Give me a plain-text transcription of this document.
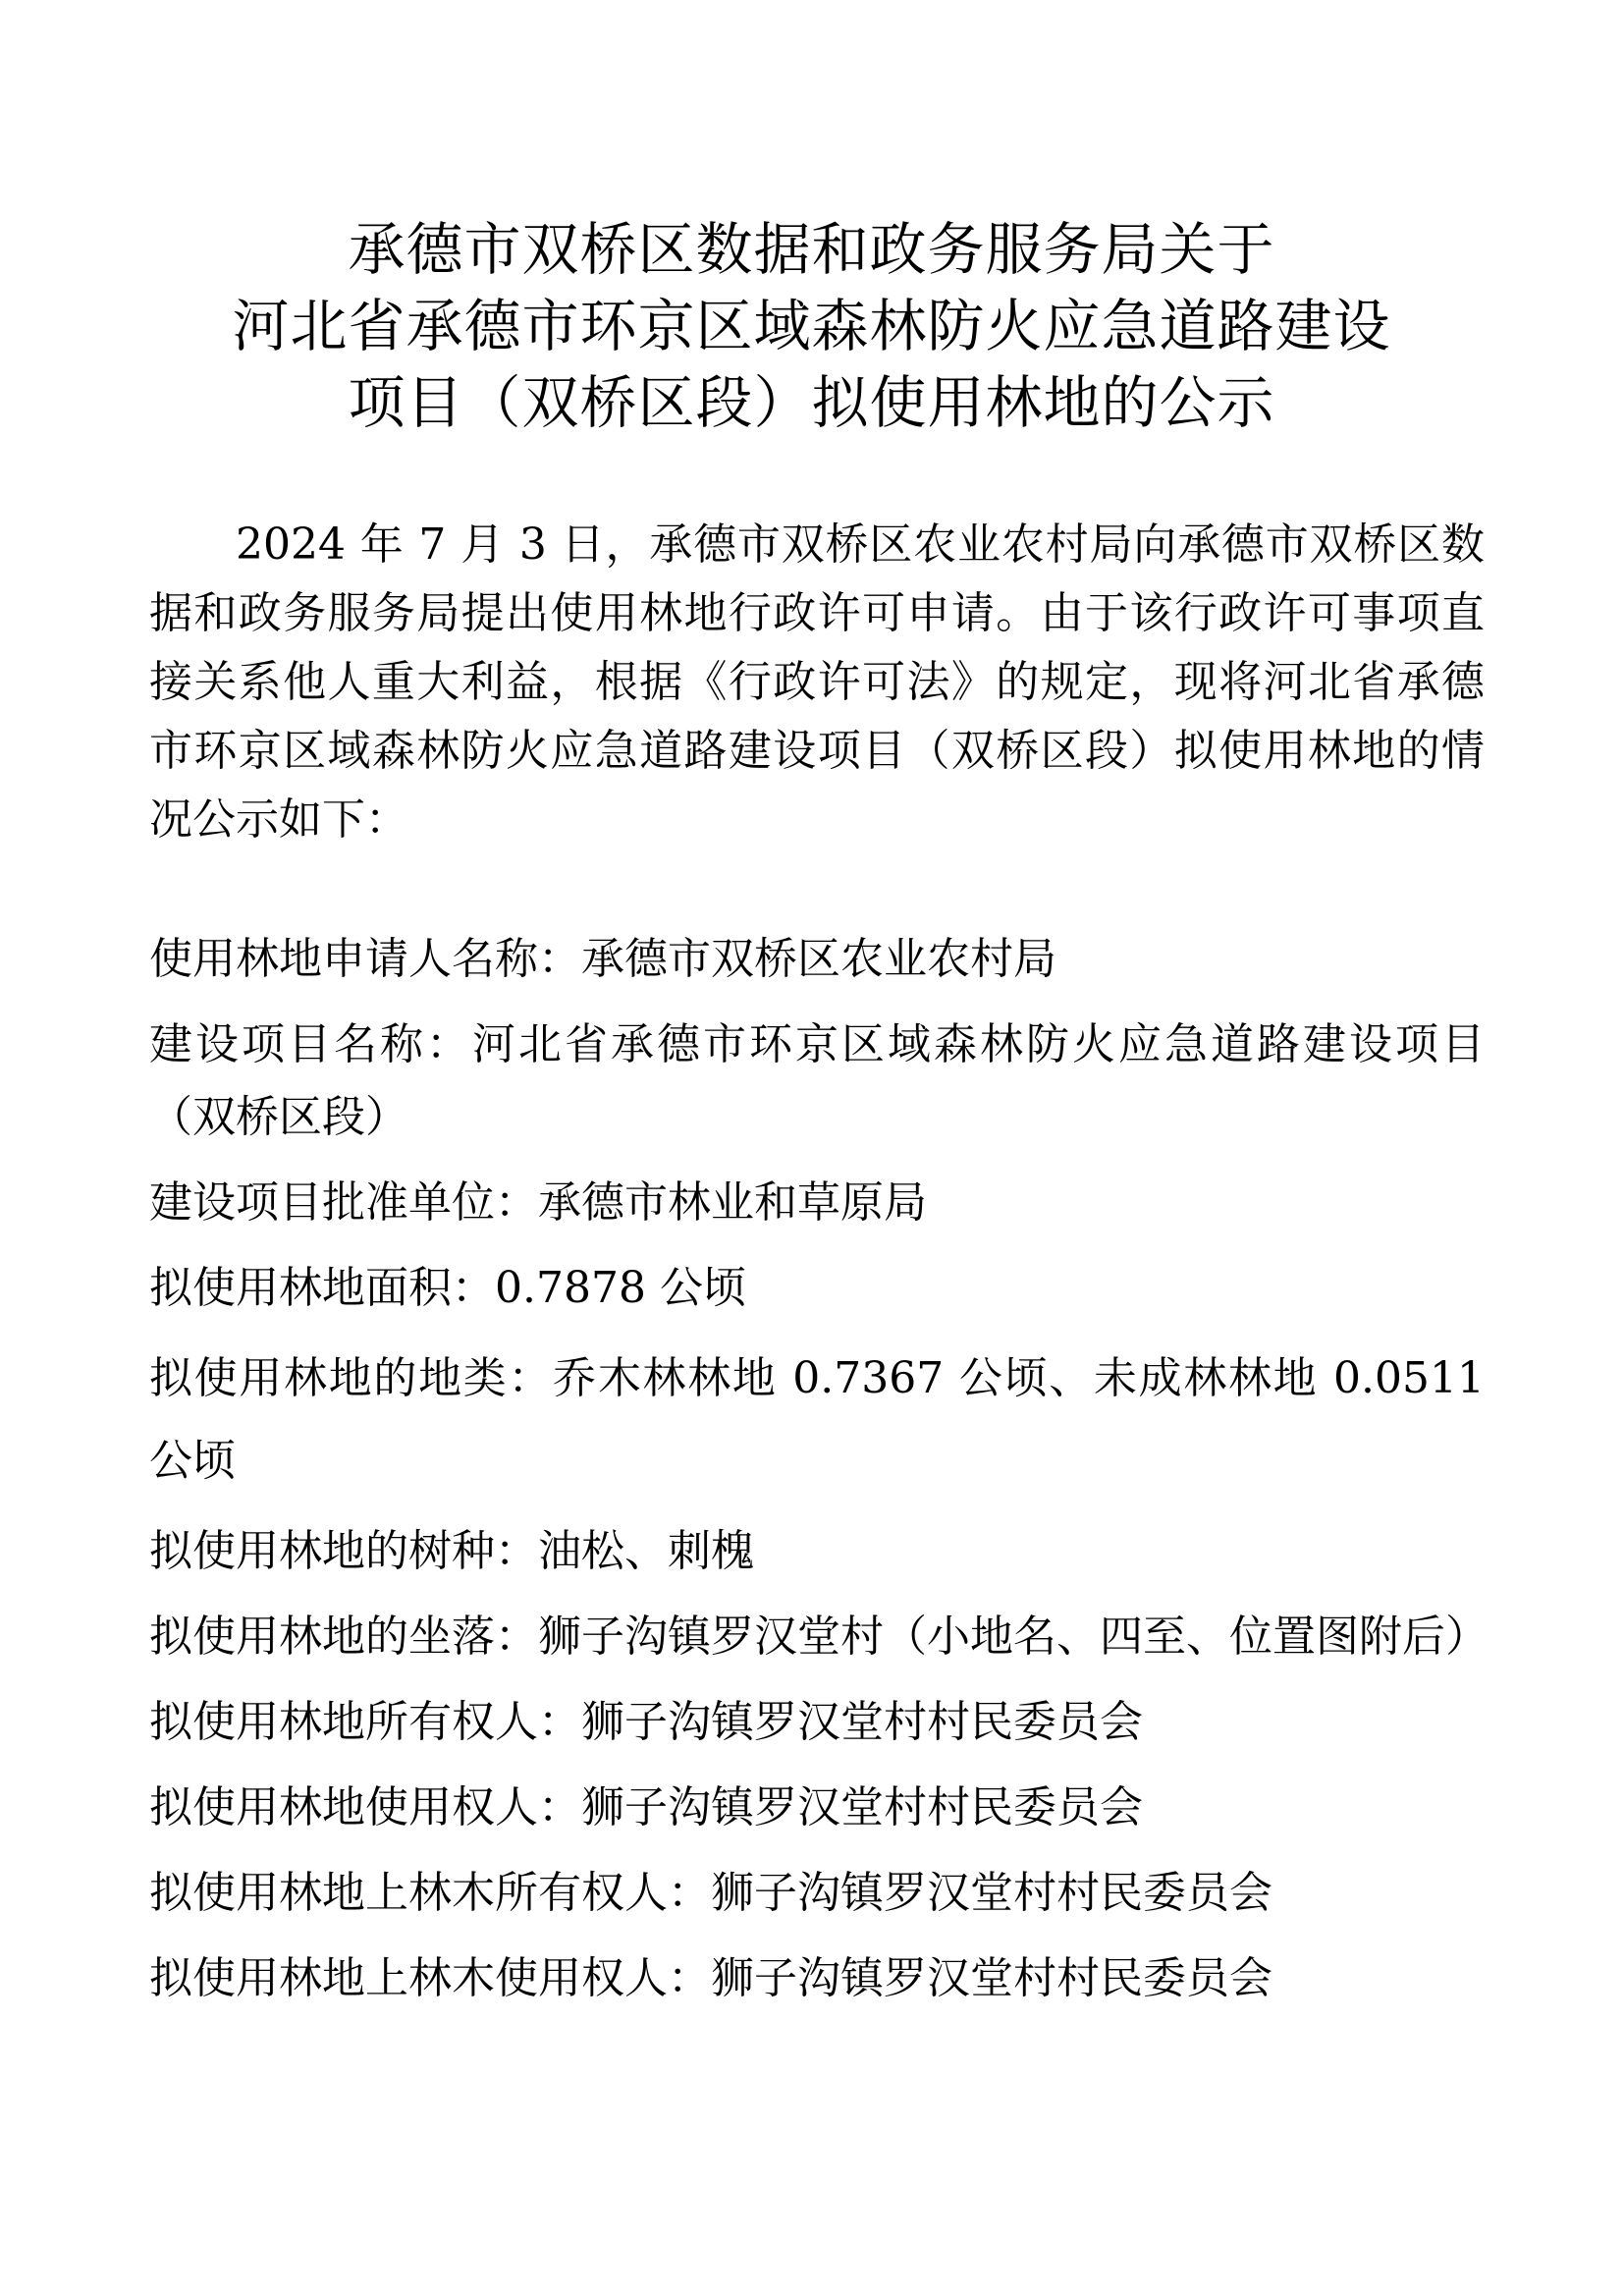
承德市双桥区数据和政务服务局关于
河北省承德市环京区域森林防火应急道路建设
项目（双桥区段）拟使用林地的公示

2024 年 7 月 3 日，承德市双桥区农业农村局向承德市双桥区数据和政务服务局提出使用林地行政许可申请。由于该行政许可事项直接关系他人重大利益，根据《行政许可法》的规定，现将河北省承德市环京区域森林防火应急道路建设项目（双桥区段）拟使用林地的情况公示如下：

使用林地申请人名称：承德市双桥区农业农村局
建设项目名称：河北省承德市环京区域森林防火应急道路建设项目（双桥区段）
建设项目批准单位：承德市林业和草原局
拟使用林地面积：0.7878 公顷
拟使用林地的地类：乔木林林地 0.7367 公顷、未成林林地 0.0511 公顷
拟使用林地的树种：油松、刺槐
拟使用林地的坐落：狮子沟镇罗汉堂村（小地名、四至、位置图附后）
拟使用林地所有权人：狮子沟镇罗汉堂村村民委员会
拟使用林地使用权人：狮子沟镇罗汉堂村村民委员会
拟使用林地上林木所有权人：狮子沟镇罗汉堂村村民委员会
拟使用林地上林木使用权人：狮子沟镇罗汉堂村村民委员会
